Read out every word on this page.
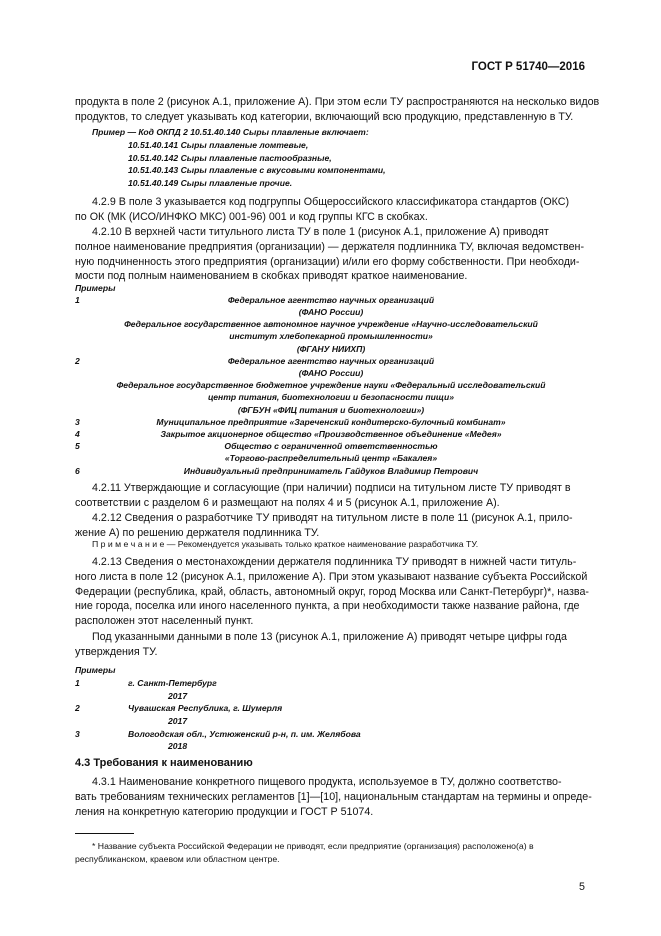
ГОСТ Р 51740—2016
продукта в поле 2 (рисунок А.1, приложение А). При этом если ТУ распространяются на несколько видов
продуктов, то следует указывать код категории, включающий всю продукцию, представленную в ТУ.
Пример — Код ОКПД 2 10.51.40.140 Сыры плавленые включает:
10.51.40.141 Сыры плавленые ломтевые,
10.51.40.142 Сыры плавленые пастообразные,
10.51.40.143 Сыры плавленые с вкусовыми компонентами,
10.51.40.149 Сыры плавленые прочие.
4.2.9 В поле 3 указывается код подгруппы Общероссийского классификатора стандартов (ОКС)
по ОК (МК (ИСО/ИНФКО МКС) 001-96) 001 и код группы КГС в скобках.
4.2.10 В верхней части титульного листа ТУ в поле 1 (рисунок А.1, приложение А) приводят
полное наименование предприятия (организации) — держателя подлинника ТУ, включая ведомствен-
ную подчиненность этого предприятия (организации) и/или его форму собственности. При необходи-
мости под полным наименованием в скобках приводят краткое наименование.
Примеры
1	Федеральное агентство научных организаций
(ФАНО России)
Федеральное государственное автономное научное учреждение «Научно-исследовательский
институт хлебопекарной промышленности»
(ФГАНУ НИИХП)
2	Федеральное агентство научных организаций
(ФАНО России)
Федеральное государственное бюджетное учреждение науки «Федеральный исследовательский
центр питания, биотехнологии и безопасности пищи»
(ФГБУН «ФИЦ питания и биотехнологии»)
3	Муниципальное предприятие «Зареченский кондитерско-булочный комбинат»
4	Закрытое акционерное общество «Производственное объединение «Медея»
5	Общество с ограниченной ответственностью
«Торгово-распределительный центр «Бакалея»
6	Индивидуальный предприниматель Гайдуков Владимир Петрович
4.2.11 Утверждающие и согласующие (при наличии) подписи на титульном листе ТУ приводят в
соответствии с разделом 6 и размещают на полях 4 и 5 (рисунок А.1, приложение А).
4.2.12 Сведения о разработчике ТУ приводят на титульном листе в поле 11 (рисунок А.1, прило-
жение А) по решению держателя подлинника ТУ.
П р и м е ч а н и е — Рекомендуется указывать только краткое наименование разработчика ТУ.
4.2.13 Сведения о местонахождении держателя подлинника ТУ приводят в нижней части титуль-
ного листа в поле 12 (рисунок А.1, приложение А). При этом указывают название субъекта Российской
Федерации (республика, край, область, автономный округ, город Москва или Санкт-Петербург)*, назва-
ние города, поселка или иного населенного пункта, а при необходимости также название района, где
расположен этот населенный пункт.
Под указанными данными в поле 13 (рисунок А.1, приложение А) приводят четыре цифры года
утверждения ТУ.
Примеры
1	г. Санкт-Петербург
2017
2	Чувашская Республика, г. Шумерля
2017
3	Вологодская обл., Устюженский р-н, п. им. Желябова
2018
4.3 Требования к наименованию
4.3.1 Наименование конкретного пищевого продукта, используемое в ТУ, должно соответство-
вать требованиям технических регламентов [1]—[10], национальным стандартам на термины и опреде-
ления на конкретную категорию продукции и ГОСТ Р 51074.
* Название субъекта Российской Федерации не приводят, если предприятие (организация) расположено(а) в
республиканском, краевом или областном центре.
5
